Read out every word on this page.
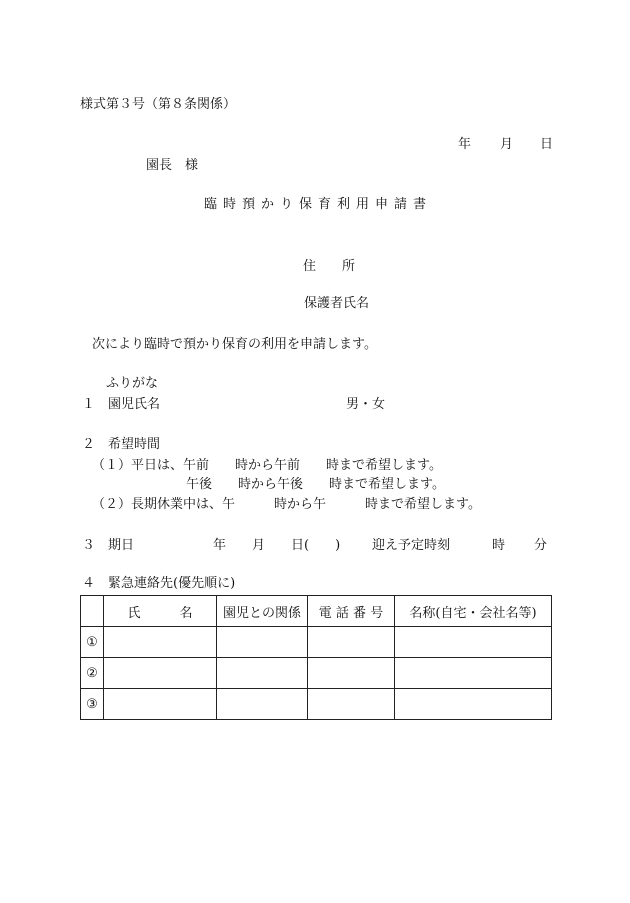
様式第３号（第８条関係）
年 月 日
園長　様
臨時預かり保育利用申請書
住　　所
保護者氏名
次により臨時で預かり保育の利用を申請します。
ふりがな
１　園児氏名	男・女
２　希望時間
（１）平日は、午前　　時から午前　　時まで希望します。
午後　　時から午後　　時まで希望します。
（２）長期休業中は、午　　　時から午　　　時まで希望します。
３　期日	年　　月　　日(　　) 迎え予定時刻	時 分
４　緊急連絡先(優先順に)
	氏　　　名	園児との関係	電 話 番 号	名称(自宅・会社名等)
①				
②				
③				
